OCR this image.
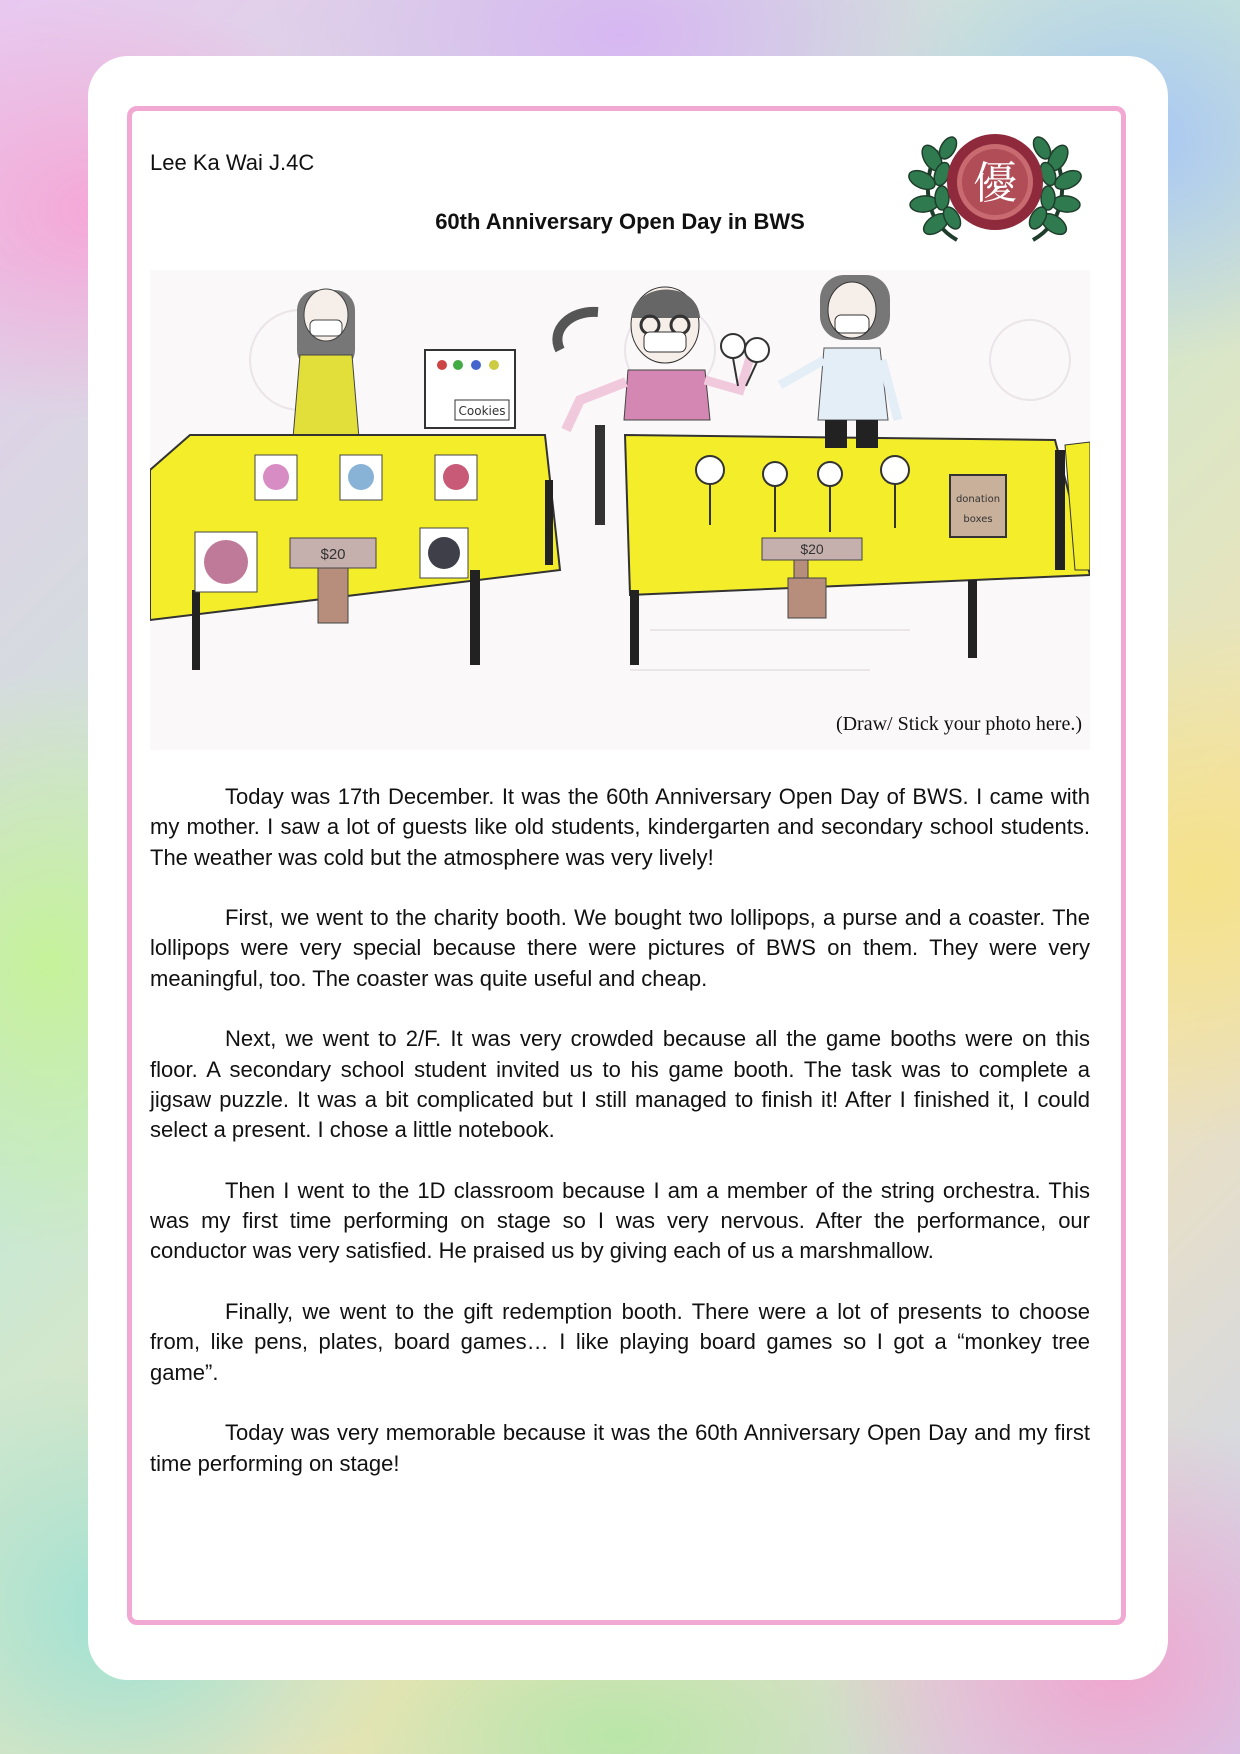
Lee Ka Wai J.4C
60th Anniversary Open Day in BWS
優
$20
Cookies
$20
donation
boxes
(Draw/ Stick your photo here.)

Today was 17th December. It was the 60th Anniversary Open Day of BWS. I came with my mother. I saw a lot of guests like old students, kindergarten and secondary school students. The weather was cold but the atmosphere was very lively!

First, we went to the charity booth. We bought two lollipops, a purse and a coaster. The lollipops were very special because there were pictures of BWS on them. They were very meaningful, too. The coaster was quite useful and cheap.

Next, we went to 2/F. It was very crowded because all the game booths were on this floor. A secondary school student invited us to his game booth. The task was to complete a jigsaw puzzle. It was a bit complicated but I still managed to finish it! After I finished it, I could select a present. I chose a little notebook.

Then I went to the 1D classroom because I am a member of the string orchestra. This was my first time performing on stage so I was very nervous. After the performance, our conductor was very satisfied. He praised us by giving each of us a marshmallow.

Finally, we went to the gift redemption booth. There were a lot of presents to choose from, like pens, plates, board games… I like playing board games so I got a “monkey tree game”.

Today was very memorable because it was the 60th Anniversary Open Day and my first time performing on stage!
